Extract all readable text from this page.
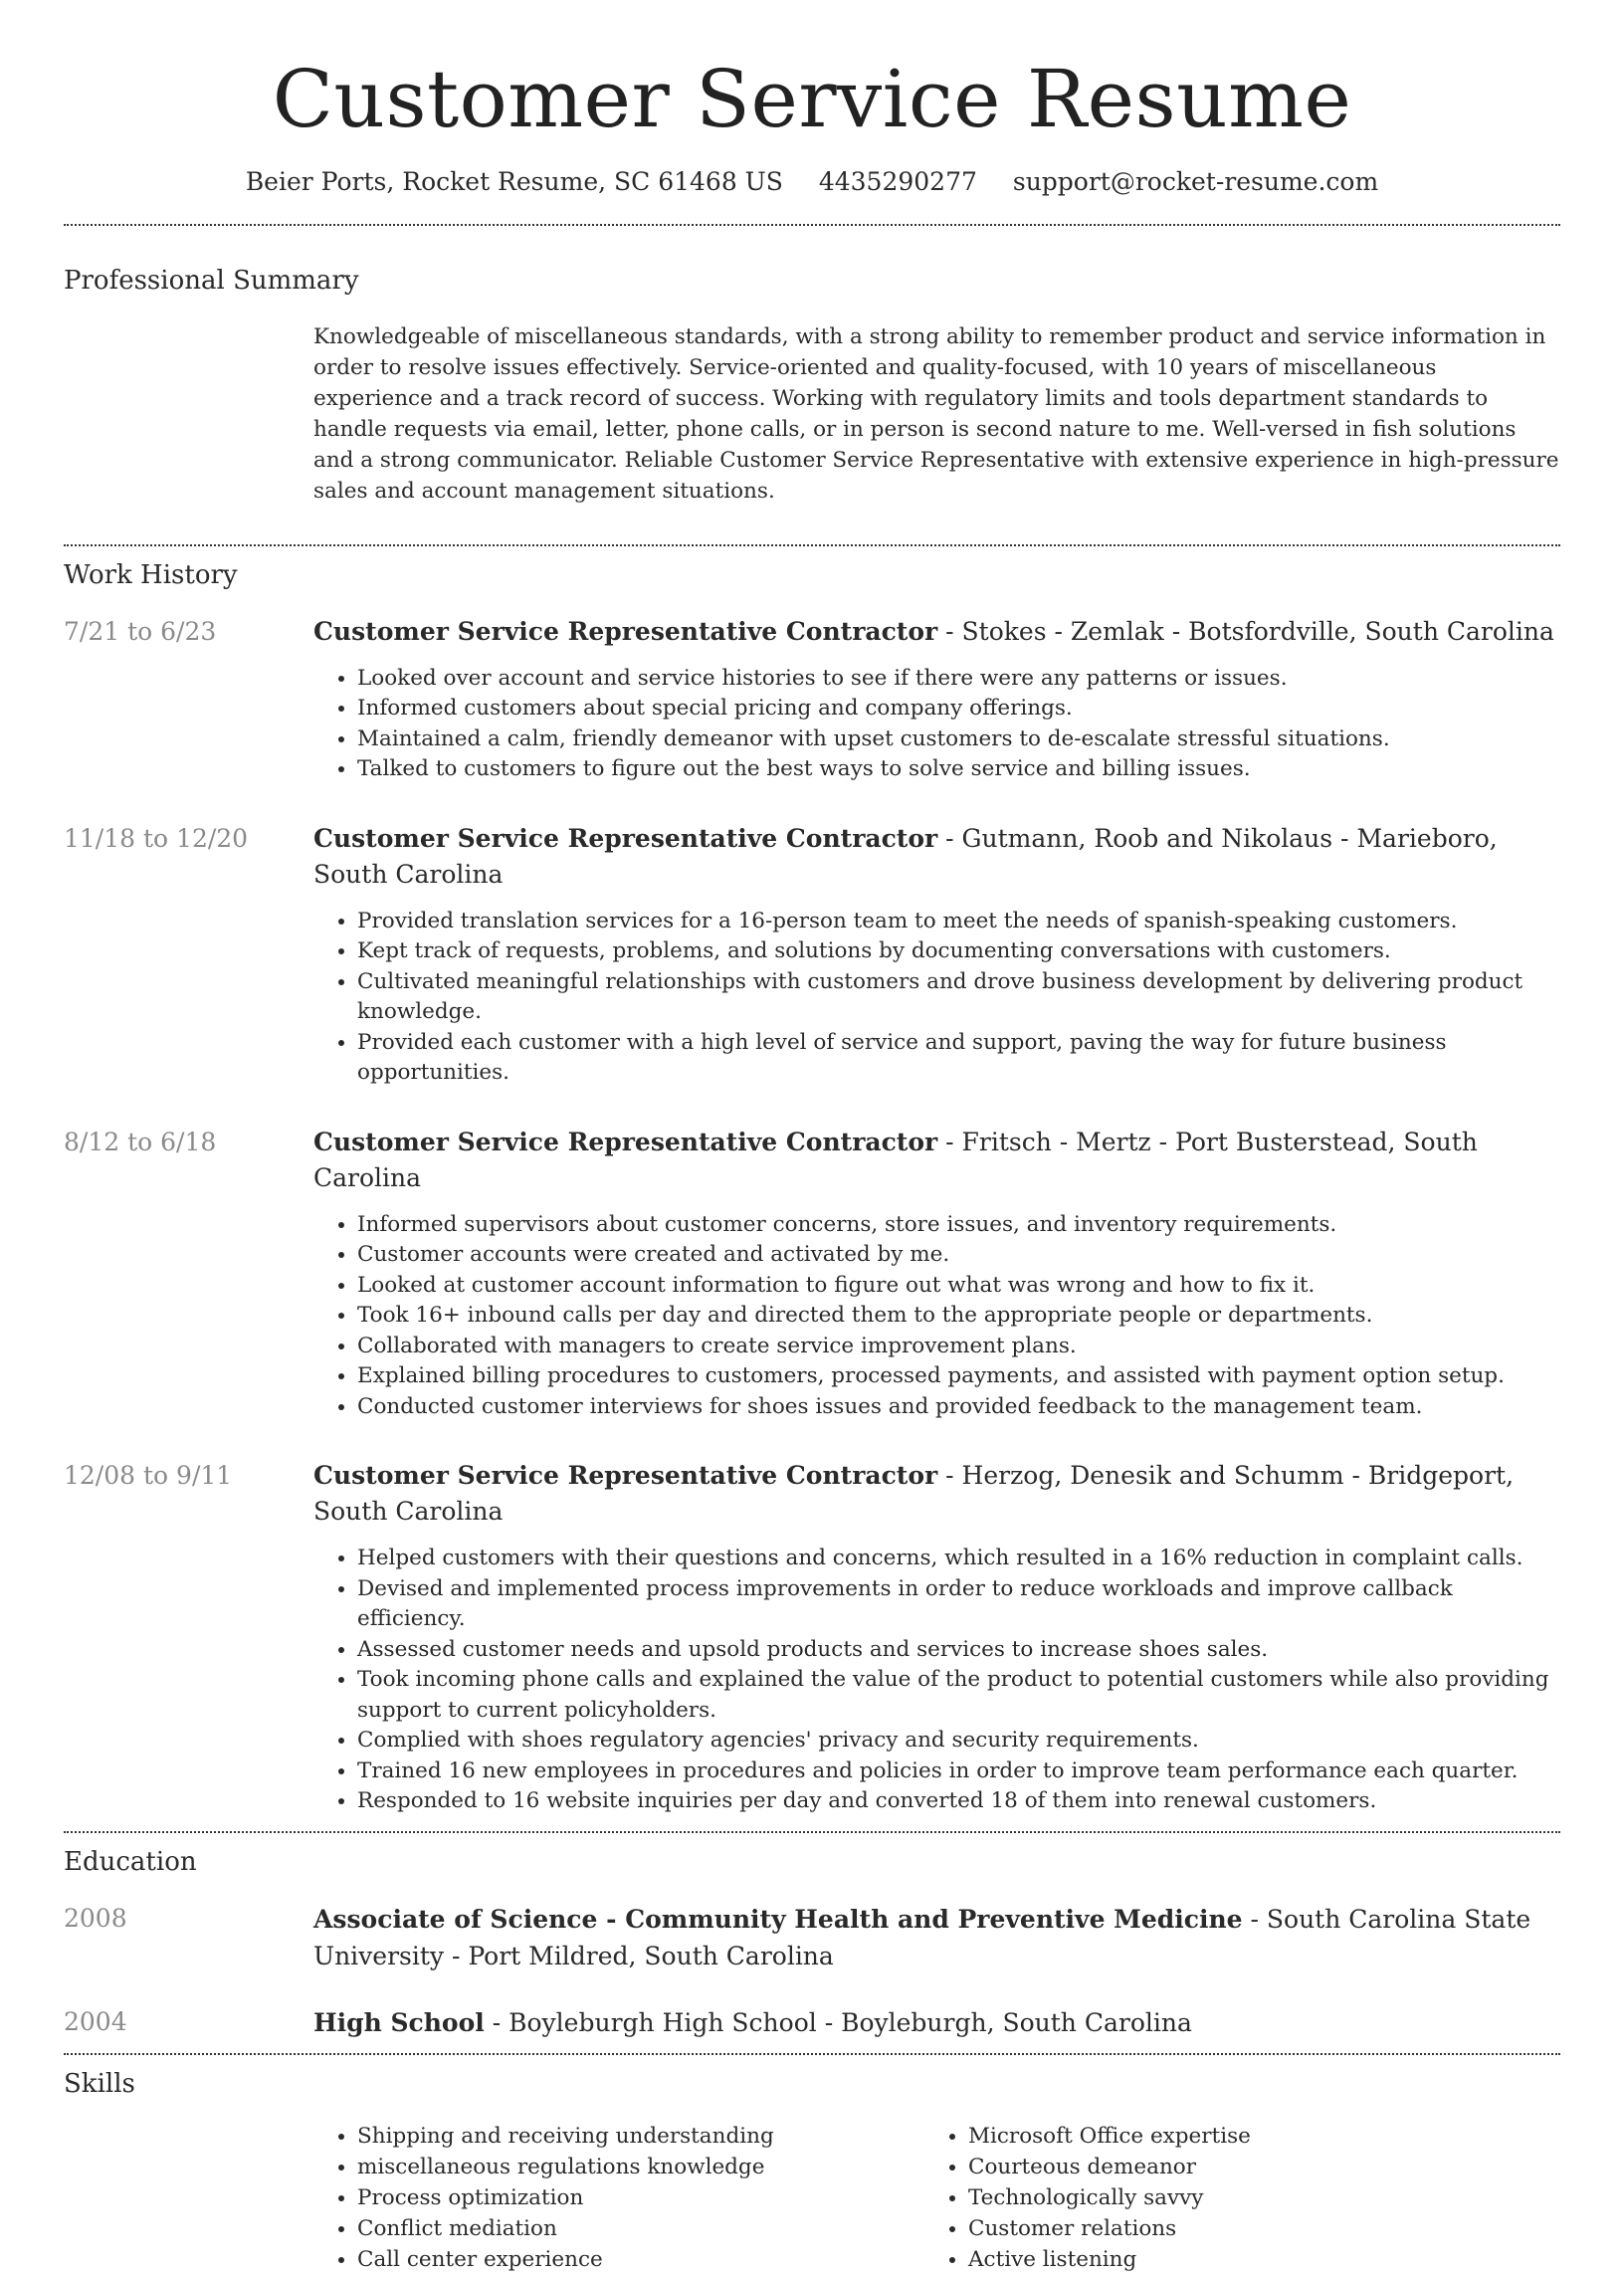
Customer Service Resume
Beier Ports, Rocket Resume, SC 61468 US 4435290277 support@rocket-resume.com
Professional Summary

Knowledgeable of miscellaneous standards, with a strong ability to remember product and service information in order to resolve issues effectively. Service-oriented and quality-focused, with 10 years of miscellaneous experience and a track record of success. Working with regulatory limits and tools department standards to handle requests via email, letter, phone calls, or in person is second nature to me. Well-versed in fish solutions and a strong communicator. Reliable Customer Service Representative with extensive experience in high-pressure sales and account management situations.

Work History
7/21 to 6/23	Customer Service Representative Contractor - Stokes - Zemlak - Botsfordville, South Carolina

• Looked over account and service histories to see if there were any patterns or issues.
• Informed customers about special pricing and company offerings.
• Maintained a calm, friendly demeanor with upset customers to de-escalate stressful situations.
• Talked to customers to figure out the best ways to solve service and billing issues.
11/18 to 12/20	Customer Service Representative Contractor - Gutmann, Roob and Nikolaus - Marieboro, South Carolina

• Provided translation services for a 16-person team to meet the needs of spanish-speaking customers.
• Kept track of requests, problems, and solutions by documenting conversations with customers.
• Cultivated meaningful relationships with customers and drove business development by delivering product knowledge.
• Provided each customer with a high level of service and support, paving the way for future business opportunities.
8/12 to 6/18	Customer Service Representative Contractor - Fritsch - Mertz - Port Busterstead, South Carolina

• Informed supervisors about customer concerns, store issues, and inventory requirements.
• Customer accounts were created and activated by me.
• Looked at customer account information to figure out what was wrong and how to fix it.
• Took 16+ inbound calls per day and directed them to the appropriate people or departments.
• Collaborated with managers to create service improvement plans.
• Explained billing procedures to customers, processed payments, and assisted with payment option setup.
• Conducted customer interviews for shoes issues and provided feedback to the management team.
12/08 to 9/11	Customer Service Representative Contractor - Herzog, Denesik and Schumm - Bridgeport, South Carolina

• Helped customers with their questions and concerns, which resulted in a 16% reduction in complaint calls.
• Devised and implemented process improvements in order to reduce workloads and improve callback efficiency.
• Assessed customer needs and upsold products and services to increase shoes sales.
• Took incoming phone calls and explained the value of the product to potential customers while also providing support to current policyholders.
• Complied with shoes regulatory agencies' privacy and security requirements.
• Trained 16 new employees in procedures and policies in order to improve team performance each quarter.
• Responded to 16 website inquiries per day and converted 18 of them into renewal customers.
Education
2008	Associate of Science - Community Health and Preventive Medicine - South Carolina State University - Port Mildred, South Carolina

2004	High School - Boyleburgh High School - Boyleburgh, South Carolina

Skills
• Shipping and receiving understanding
• miscellaneous regulations knowledge
• Process optimization
• Conflict mediation
• Call center experience
• Microsoft Office expertise
• Courteous demeanor
• Technologically savvy
• Customer relations
• Active listening
